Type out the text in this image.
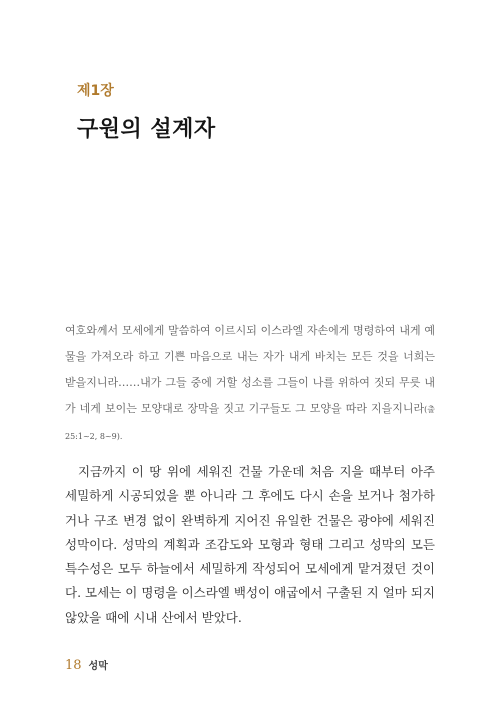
제1장
구원의 설계자
여호와께서 모세에게 말씀하여 이르시되 이스라엘 자손에게 명령하여 내게 예물을 가져오라 하고 기쁜 마음으로 내는 자가 내게 바치는 모든 것을 너희는 받을지니라……내가 그들 중에 거할 성소를 그들이 나를 위하여 짓되 무릇 내가 네게 보이는 모양대로 장막을 짓고 기구들도 그 모양을 따라 지을지니라(출 25:1~2, 8~9).
지금까지 이 땅 위에 세워진 건물 가운데 처음 지을 때부터 아주 세밀하게 시공되었을 뿐 아니라 그 후에도 다시 손을 보거나 첨가하거나 구조 변경 없이 완벽하게 지어진 유일한 건물은 광야에 세워진 성막이다. 성막의 계획과 조감도와 모형과 형태 그리고 성막의 모든 특수성은 모두 하늘에서 세밀하게 작성되어 모세에게 맡겨졌던 것이다. 모세는 이 명령을 이스라엘 백성이 애굽에서 구출된 지 얼마 되지 않았을 때에 시내 산에서 받았다.
18 성막
